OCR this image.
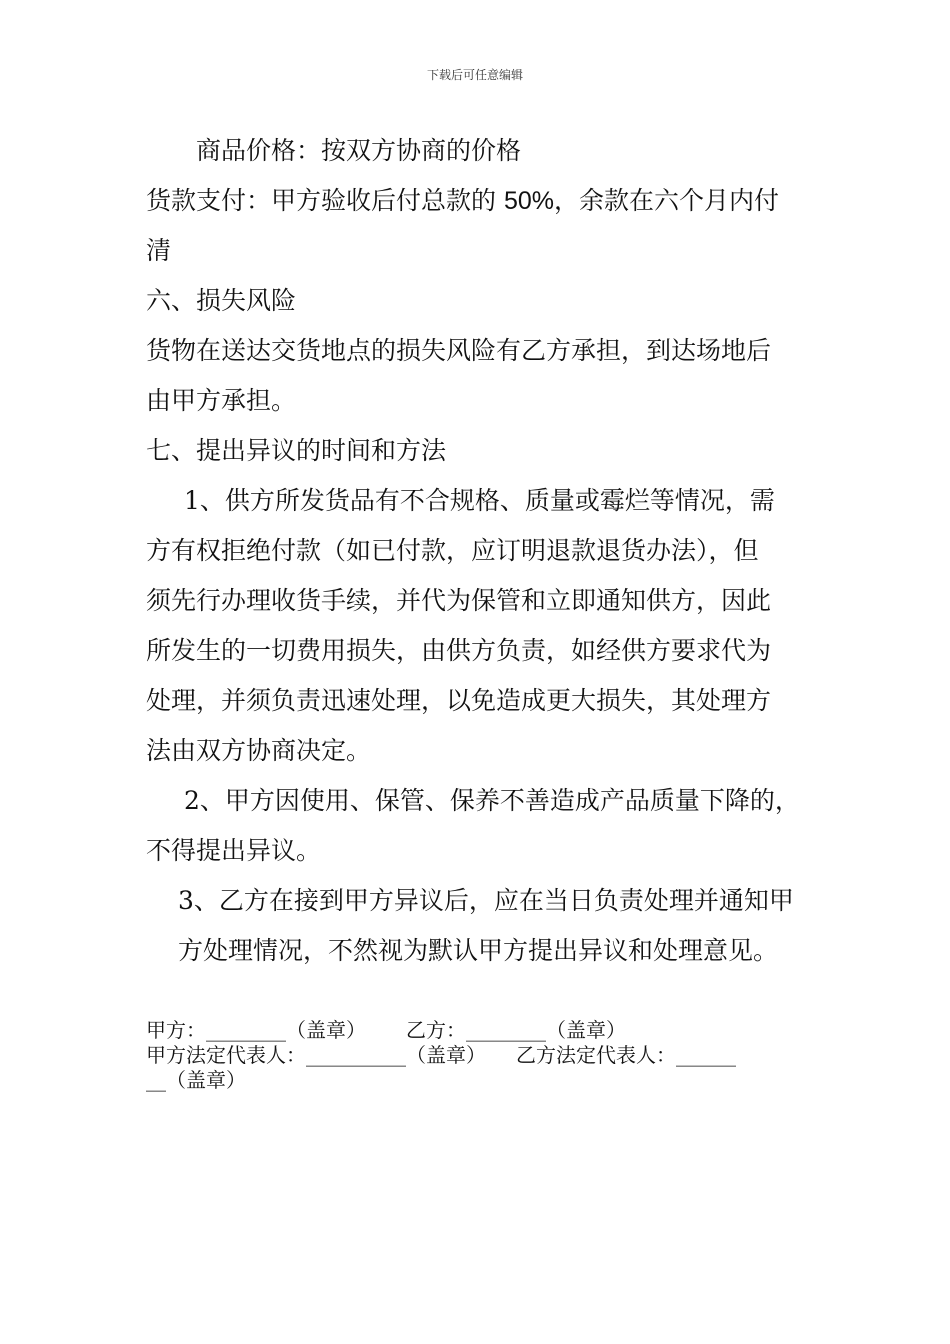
下载后可任意编辑

商品价格：按双方协商的价格

货款支付：甲方验收后付总款的 50%，余款在六个月内付

清

六、损失风险

货物在送达交货地点的损失风险有乙方承担，到达场地后

由甲方承担。

七、提出异议的时间和方法

1、供方所发货品有不合规格、质量或霉烂等情况，需

方有权拒绝付款（如已付款，应订明退款退货办法），但

须先行办理收货手续，并代为保管和立即通知供方，因此

所发生的一切费用损失，由供方负责，如经供方要求代为

处理，并须负责迅速处理，以免造成更大损失，其处理方

法由双方协商决定。

2、甲方因使用、保管、保养不善造成产品质量下降的，

不得提出异议。

3、乙方在接到甲方异议后，应在当日负责处理并通知甲

方处理情况，不然视为默认甲方提出异议和处理意见。

甲方：________（盖章） 乙方：________（盖章）

甲方法定代表人：__________（盖章） 乙方法定代表人：______

__（盖章）
